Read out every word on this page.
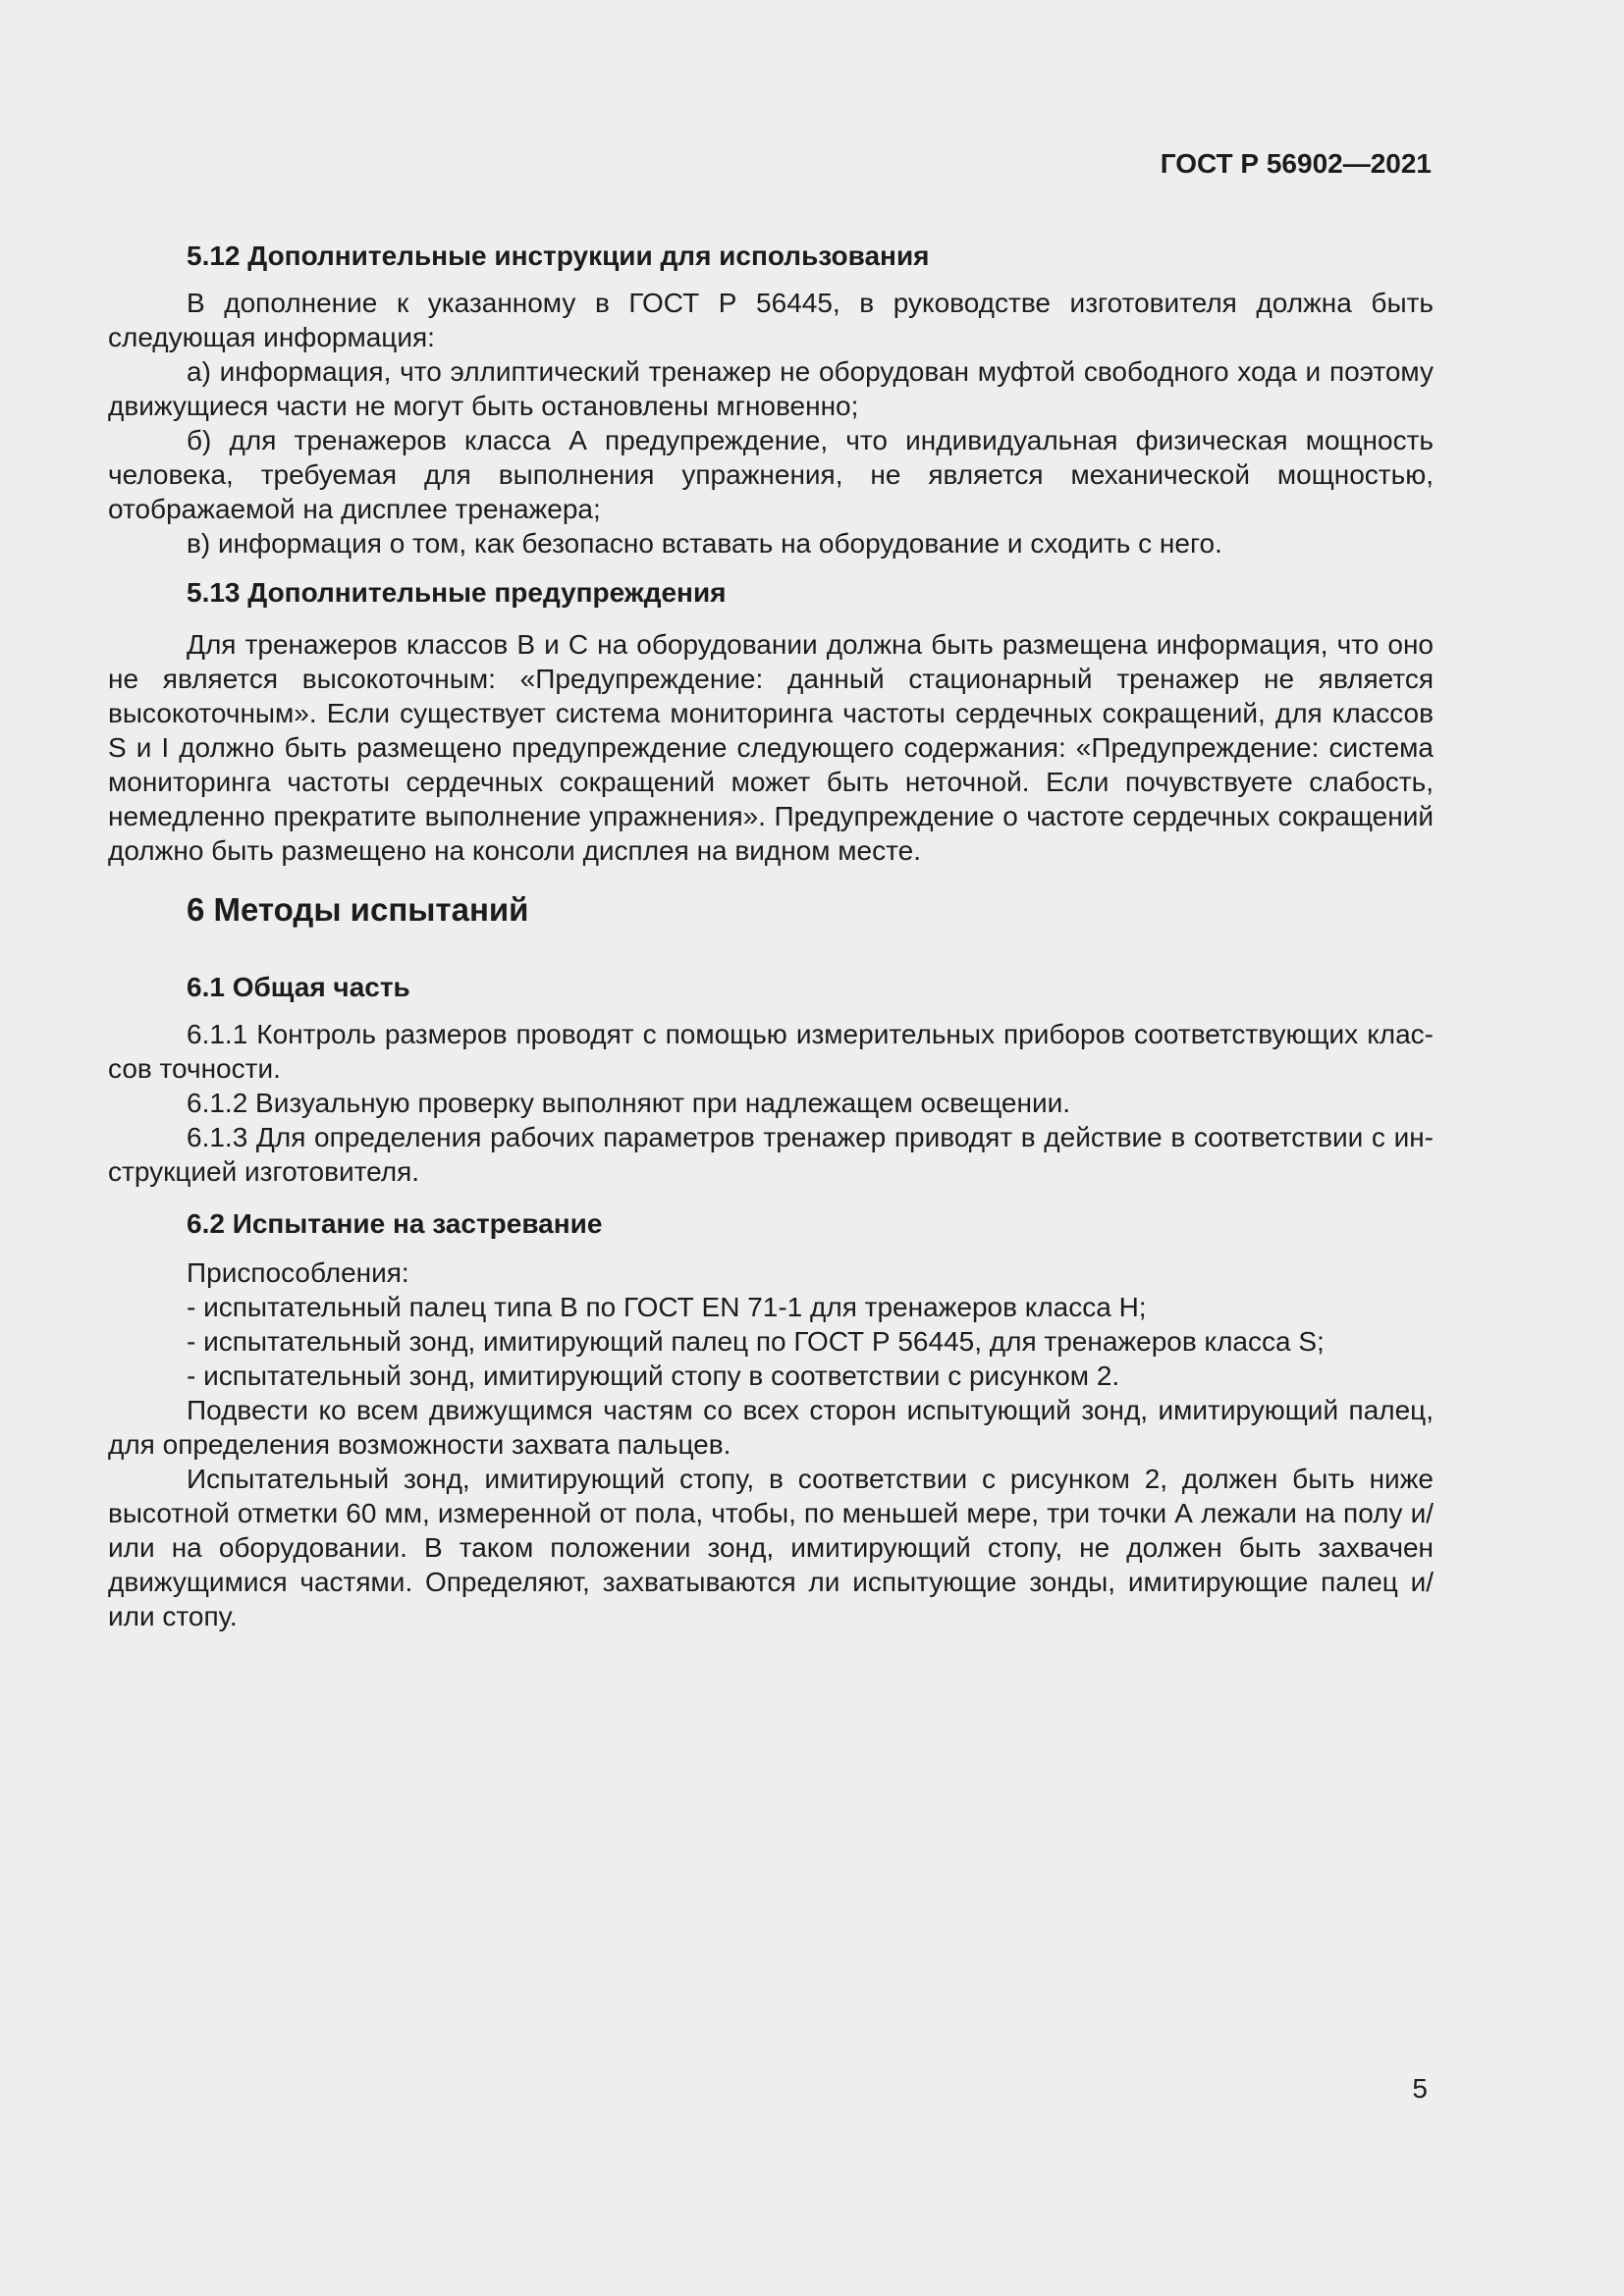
ГОСТ Р 56902—2021
5.12 Дополнительные инструкции для использования

В дополнение к указанному в ГОСТ Р 56445, в руководстве изготовителя должна быть следующая информация:

а) информация, что эллиптический тренажер не оборудован муфтой свободного хода и поэтому движущиеся части не могут быть остановлены мгновенно;

б) для тренажеров класса А предупреждение, что индивидуальная физическая мощность человека, требуемая для выполнения упражнения, не является механической мощностью, отображаемой на дисплее тренажера;

в) информация о том, как безопасно вставать на оборудование и сходить с него.

5.13 Дополнительные предупреждения

Для тренажеров классов В и С на оборудовании должна быть размещена информация, что оно не является высокоточным: «Предупреждение: данный стационарный тренажер не является высокоточным». Если существует система мониторинга частоты сердечных сокращений, для классов S и I должно быть размещено предупреждение следующего содержания: «Предупреждение: система мониторинга частоты сердечных сокращений может быть неточной. Если почувствуете слабость, немедленно прекратите выполнение упражнения». Предупреждение о частоте сердечных сокращений должно быть размещено на консоли дисплея на видном месте.

6 Методы испытаний
6.1 Общая часть

6.1.1 Контроль размеров проводят с помощью измерительных приборов соответствующих классов точности.

6.1.2 Визуальную проверку выполняют при надлежащем освещении.

6.1.3 Для определения рабочих параметров тренажер приводят в действие в соответствии с инструкцией изготовителя.

6.2 Испытание на застревание

Приспособления:

- испытательный палец типа В по ГОСТ EN 71-1 для тренажеров класса Н;

- испытательный зонд, имитирующий палец по ГОСТ Р 56445, для тренажеров класса S;

- испытательный зонд, имитирующий стопу в соответствии с рисунком 2.

Подвести ко всем движущимся частям со всех сторон испытующий зонд, имитирующий палец, для определения возможности захвата пальцев.

Испытательный зонд, имитирующий стопу, в соответствии с рисунком 2, должен быть ниже высотной отметки 60 мм, измеренной от пола, чтобы, по меньшей мере, три точки А лежали на полу и/или на оборудовании. В таком положении зонд, имитирующий стопу, не должен быть захвачен движущимися частями. Определяют, захватываются ли испытующие зонды, имитирующие палец и/или стопу.

5
